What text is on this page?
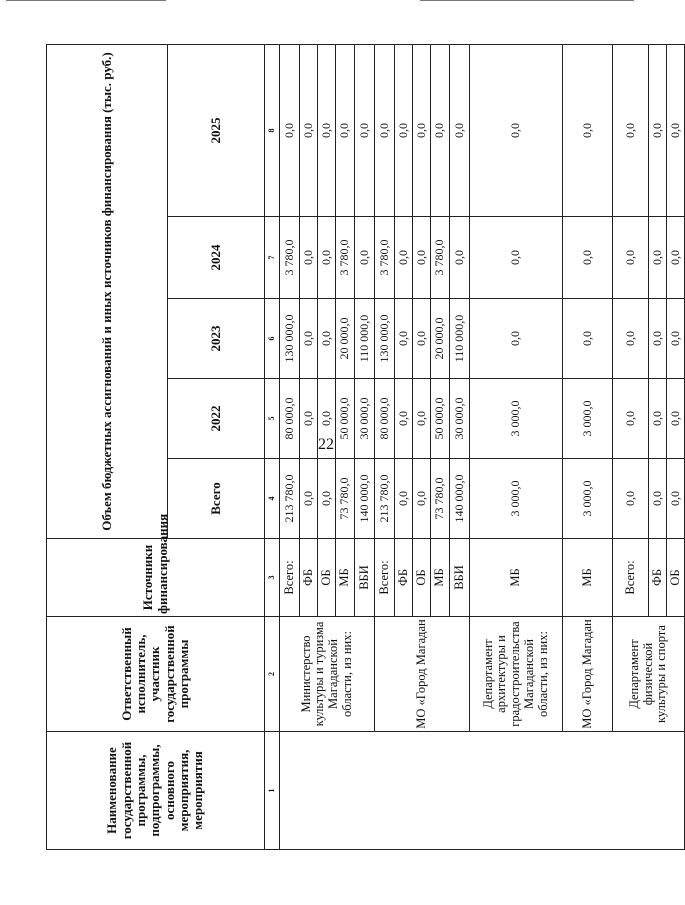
22
Наименование государственной программы, подпрограммы, основного мероприятия, мероприятия	Ответственный исполнитель, участник государственной программы	Источники финансирования	Объем бюджетных ассигнований и иных источников финансирования (тыс. руб.)				
			Всего	2022	2023	2024	2025
1	2	3	4	5	6	7	8
	Министерство культуры и туризма Магаданской области, из них:	Всего:	213 780,0	80 000,0	130 000,0	3 780,0	0,0
		ФБ	0,0	0,0	0,0	0,0	0,0
		ОБ	0,0	0,0	0,0	0,0	0,0
		МБ	73 780,0	50 000,0	20 000,0	3 780,0	0,0
		ВБИ	140 000,0	30 000,0	110 000,0	0,0	0,0
	МО «Город Магадан	Всего:	213 780,0	80 000,0	130 000,0	3 780,0	0,0
		ФБ	0,0	0,0	0,0	0,0	0,0
		ОБ	0,0	0,0	0,0	0,0	0,0
		МБ	73 780,0	50 000,0	20 000,0	3 780,0	0,0
		ВБИ	140 000,0	30 000,0	110 000,0	0,0	0,0
	Департамент архитектуры и градостроительства Магаданской области, из них:	МБ	3 000,0	3 000,0	0,0	0,0	0,0
	МО «Город Магадан	МБ	3 000,0	3 000,0	0,0	0,0	0,0
	Департамент физической культуры и спорта	Всего:	0,0	0,0	0,0	0,0	0,0
		ФБ	0,0	0,0	0,0	0,0	0,0
		ОБ	0,0	0,0	0,0	0,0	0,0
